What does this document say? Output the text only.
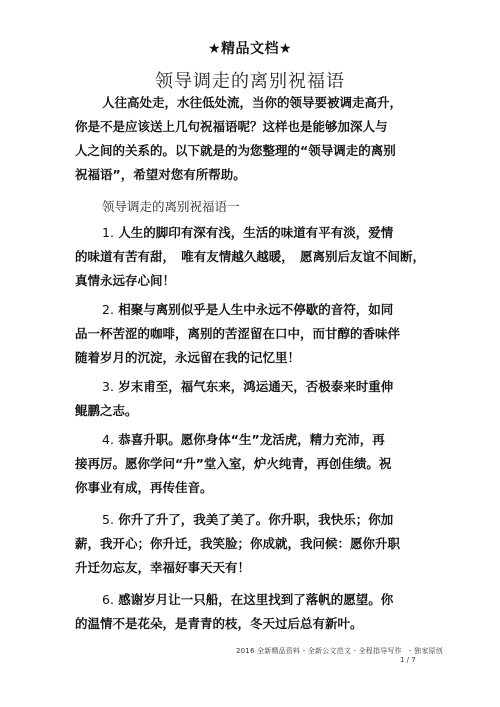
★精品文档★
领导调走的离别祝福语
人往高处走，水往低处流，当你的领导要被调走高升，
你是不是应该送上几句祝福语呢？这样也是能够加深人与
人之间的关系的。以下就是的为您整理的“领导调走的离别
祝福语”，希望对您有所帮助。
领导调走的离别祝福语一
1. 人生的脚印有深有浅，生活的味道有平有淡，爱情
的味道有苦有甜，　唯有友情越久越暖，　愿离别后友谊不间断，
真情永远存心间！
2. 相聚与离别似乎是人生中永远不停歇的音符，如同
品一杯苦涩的咖啡，离别的苦涩留在口中，而甘醇的香味伴
随着岁月的沉淀，永远留在我的记忆里！
3. 岁末甫至，福气东来，鸿运通天，否极泰来时重伸
鲲鹏之志。
4. 恭喜升职。愿你身体“生”龙活虎，精力充沛，再
接再厉。愿你学问“升”堂入室，炉火纯青，再创佳绩。祝
你事业有成，再传佳音。
5. 你升了升了，我美了美了。你升职，我快乐；你加
薪，我开心；你升迁，我笑脸；你成就，我问候：愿你升职
升迁勿忘友，幸福好事天天有！
6. 感谢岁月让一只船，在这里找到了落帆的愿望。你
的温情不是花朵，是青青的枝，冬天过后总有新叶。
2016 全新精品资料 - 全新公文范文 - 全程指导写作　- 独家原创
1 / 7
